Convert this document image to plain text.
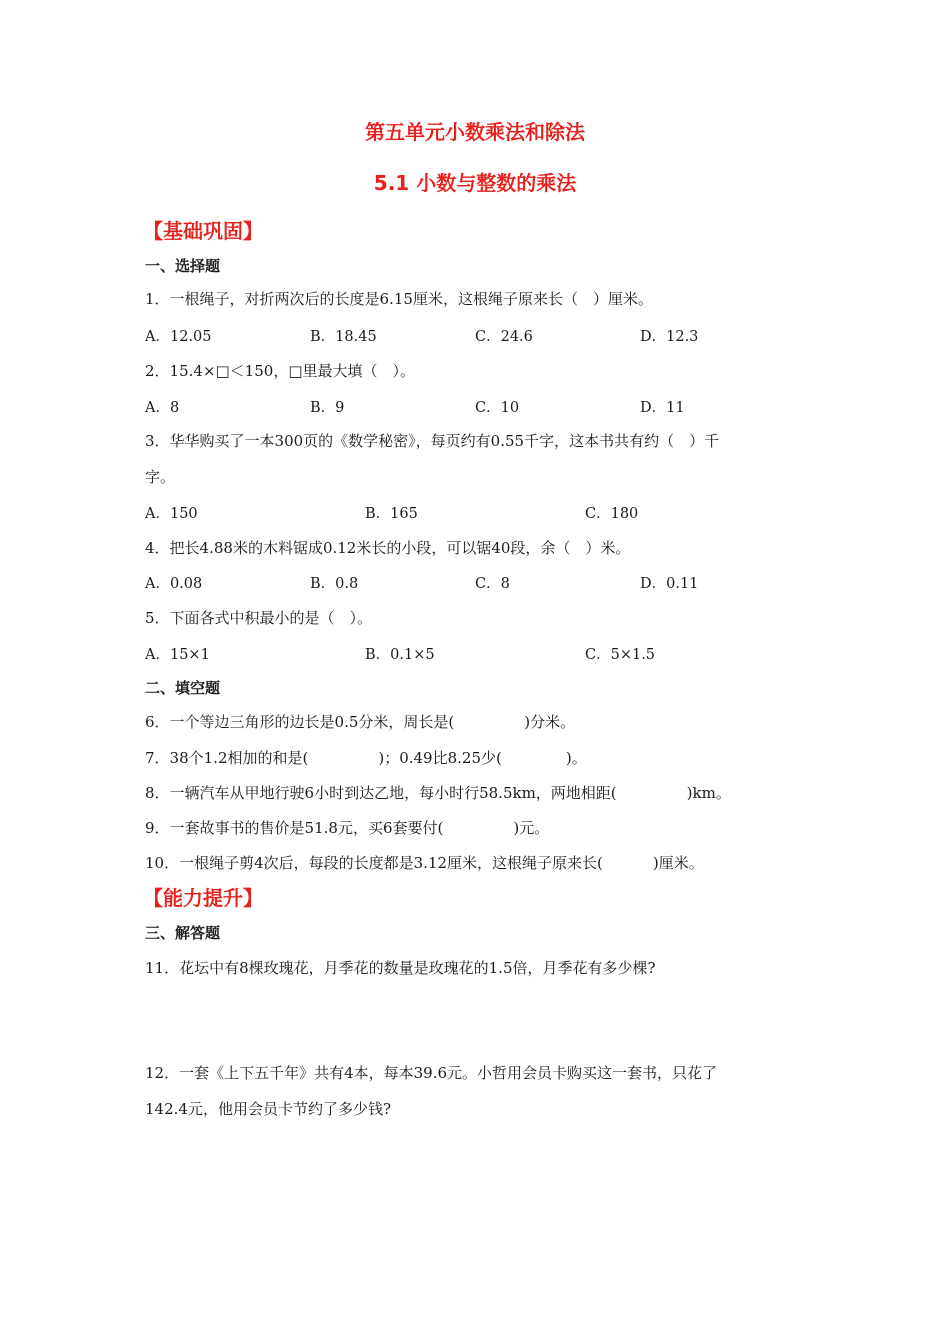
第五单元小数乘法和除法
5.1 小数与整数的乘法
【基础巩固】
一、选择题
1．一根绳子，对折两次后的长度是6.15厘米，这根绳子原来长（　）厘米。
A．12.05	B．18.45	C．24.6	D．12.3
2．15.4×□＜150，□里最大填（　）。
A．8	B．9	C．10	D．11
3．华华购买了一本300页的《数学秘密》，每页约有0.55千字，这本书共有约（　）千
字。
A．150	B．165	C．180
4．把长4.88米的木料锯成0.12米长的小段，可以锯40段，余（　）米。
A．0.08	B．0.8	C．8	D．0.11
5．下面各式中积最小的是（　）。
A．15×1	B．0.1×5	C．5×1.5
二、填空题
6．一个等边三角形的边长是0.5分米，周长是(	)分米。
7．38个1.2相加的和是(	)；0.49比8.25少(	)。
8．一辆汽车从甲地行驶6小时到达乙地，每小时行58.5km，两地相距(	)km。
9．一套故事书的售价是51.8元，买6套要付(	)元。
10．一根绳子剪4次后，每段的长度都是3.12厘米，这根绳子原来长(	)厘米。
【能力提升】
三、解答题
11．花坛中有8棵玫瑰花，月季花的数量是玫瑰花的1.5倍，月季花有多少棵?
12．一套《上下五千年》共有4本，每本39.6元。小哲用会员卡购买这一套书，只花了
142.4元，他用会员卡节约了多少钱?
